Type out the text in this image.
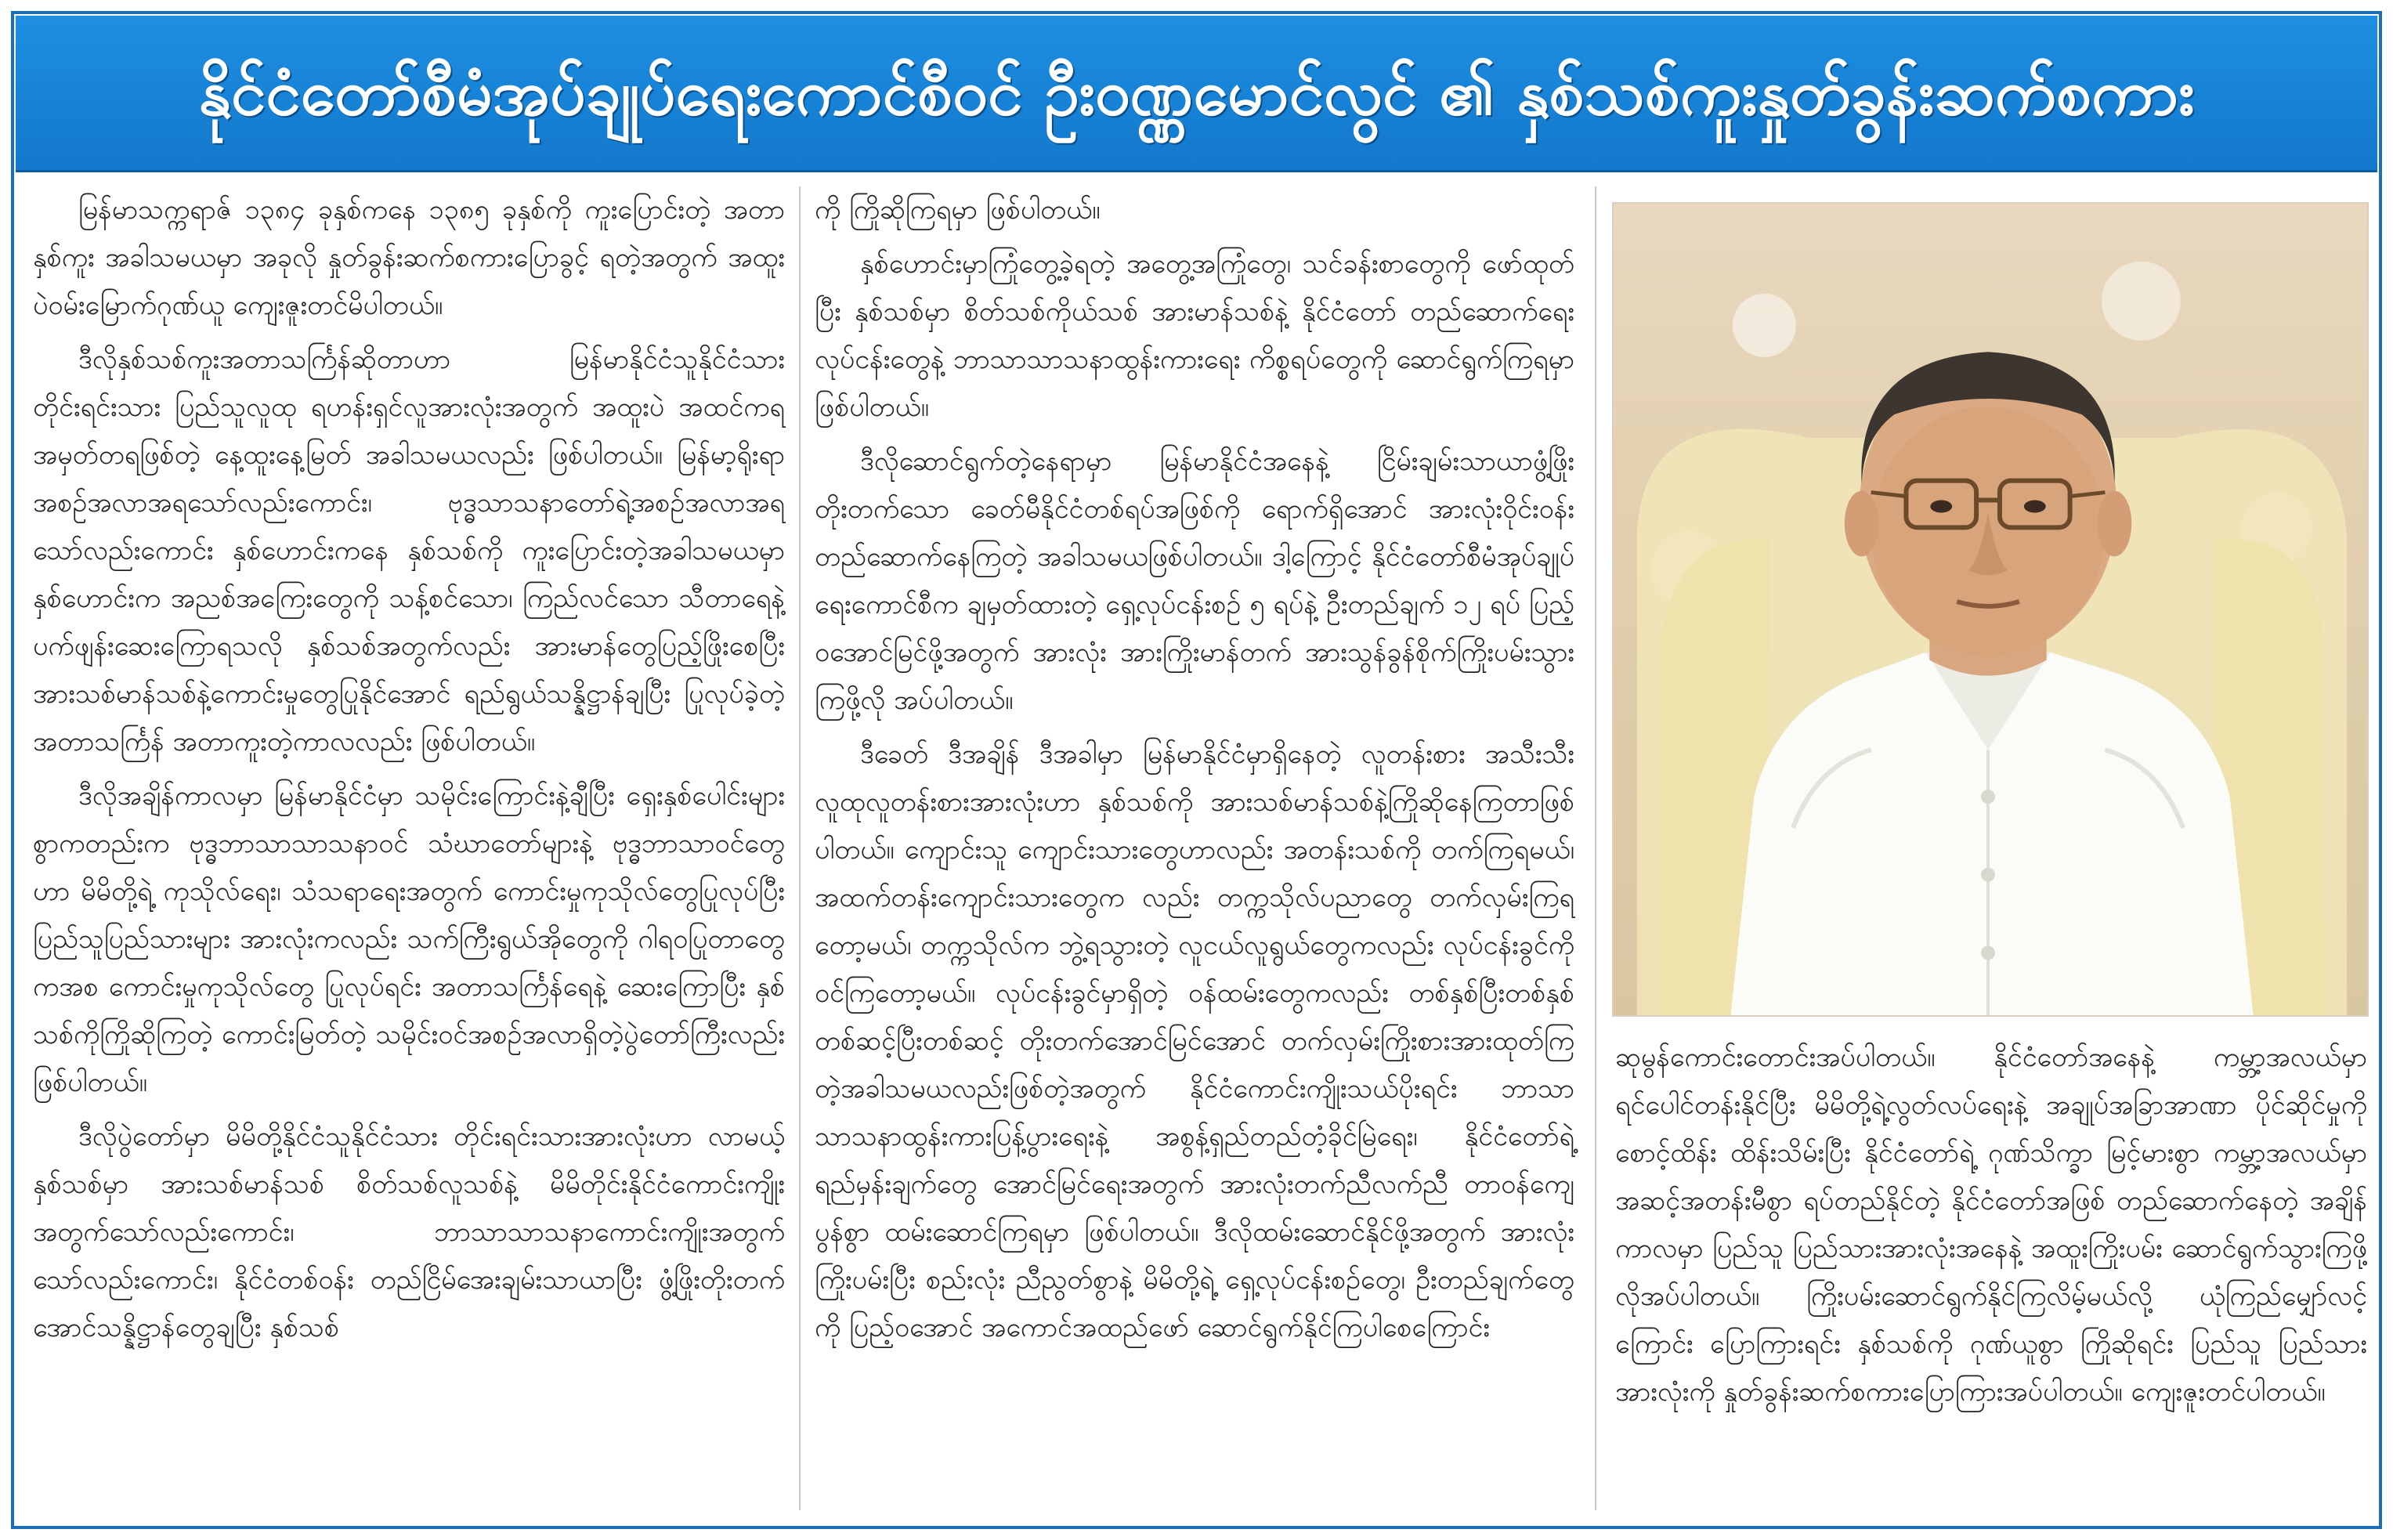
နိုင်ငံတော်စီမံအုပ်ချုပ်ရေးကောင်စီဝင် ဦးဝဏ္ဏမောင်လွင် ၏ နှစ်သစ်ကူးနှုတ်ခွန်းဆက်စကား

မြန်မာသက္ကရာဇ် ၁၃၈၄ ခုနှစ်ကနေ ၁၃၈၅ ခုနှစ်ကို ကူးပြောင်းတဲ့ အတာနှစ်ကူး အခါသမယမှာ အခုလို နှုတ်ခွန်းဆက်စကားပြောခွင့် ရတဲ့အတွက် အထူးပဲဝမ်းမြောက်ဂုဏ်ယူ ကျေးဇူးတင်မိပါတယ်။

ဒီလိုနှစ်သစ်ကူးအတာသင်္ကြန်ဆိုတာဟာ မြန်မာနိုင်ငံသူနိုင်ငံသား တိုင်းရင်းသား ပြည်သူလူထု ရဟန်းရှင်လူအားလုံးအတွက် အထူးပဲ အထင်ကရ အမှတ်တရဖြစ်တဲ့ နေ့ထူးနေ့မြတ် အခါသမယလည်း ဖြစ်ပါတယ်။ မြန်မာ့ရိုးရာအစဉ်အလာအရသော်လည်းကောင်း၊ ဗုဒ္ဓသာသနာတော်ရဲ့အစဉ်အလာအရသော်လည်းကောင်း နှစ်ဟောင်းကနေ နှစ်သစ်ကို ကူးပြောင်းတဲ့အခါသမယမှာ နှစ်ဟောင်းက အညစ်အကြေးတွေကို သန့်စင်သော၊ ကြည်လင်သော သီတာရေနဲ့ ပက်ဖျန်းဆေးကြောရသလို နှစ်သစ်အတွက်လည်း အားမာန်တွေပြည့်ဖြိုးစေပြီး အားသစ်မာန်သစ်နဲ့ကောင်းမှုတွေပြုနိုင်အောင် ရည်ရွယ်သန္နိဋ္ဌာန်ချပြီး ပြုလုပ်ခဲ့တဲ့ အတာသင်္ကြန် အတာကူးတဲ့ကာလလည်း ဖြစ်ပါတယ်။

ဒီလိုအချိန်ကာလမှာ မြန်မာနိုင်ငံမှာ သမိုင်းကြောင်းနဲ့ချီပြီး ရှေးနှစ်ပေါင်းများစွာကတည်းက ဗုဒ္ဓဘာသာသာသနာဝင် သံဃာတော်များနဲ့ ဗုဒ္ဓဘာသာဝင်တွေဟာ မိမိတို့ရဲ့ ကုသိုလ်ရေး၊ သံသရာရေးအတွက် ကောင်းမှုကုသိုလ်တွေပြုလုပ်ပြီး ပြည်သူပြည်သားများ အားလုံးကလည်း သက်ကြီးရွယ်အိုတွေကို ဂါရဝပြုတာတွေကအစ ကောင်းမှုကုသိုလ်တွေ ပြုလုပ်ရင်း အတာသင်္ကြန်ရေနဲ့ ဆေးကြောပြီး နှစ်သစ်ကိုကြိုဆိုကြတဲ့ ကောင်းမြတ်တဲ့ သမိုင်းဝင်အစဉ်အလာရှိတဲ့ပွဲတော်ကြီးလည်း ဖြစ်ပါတယ်။

ဒီလိုပွဲတော်မှာ မိမိတို့နိုင်ငံသူနိုင်ငံသား တိုင်းရင်းသားအားလုံးဟာ လာမယ့်နှစ်သစ်မှာ အားသစ်မာန်သစ် စိတ်သစ်လူသစ်နဲ့ မိမိတိုင်းနိုင်ငံကောင်းကျိုးအတွက်သော်လည်းကောင်း၊ ဘာသာသာသနာကောင်းကျိုးအတွက်သော်လည်းကောင်း၊ နိုင်ငံတစ်ဝန်း တည်ငြိမ်အေးချမ်းသာယာပြီး ဖွံ့ဖြိုးတိုးတက်အောင်သန္နိဋ္ဌာန်တွေချပြီး နှစ်သစ်

ကို ကြိုဆိုကြရမှာ ဖြစ်ပါတယ်။

နှစ်ဟောင်းမှာကြုံတွေ့ခဲ့ရတဲ့ အတွေ့အကြုံတွေ၊ သင်ခန်းစာတွေကို ဖော်ထုတ်ပြီး နှစ်သစ်မှာ စိတ်သစ်ကိုယ်သစ် အားမာန်သစ်နဲ့ နိုင်ငံတော် တည်ဆောက်ရေးလုပ်ငန်းတွေနဲ့ ဘာသာသာသနာထွန်းကားရေး ကိစ္စရပ်တွေကို ဆောင်ရွက်ကြရမှာဖြစ်ပါတယ်။

ဒီလိုဆောင်ရွက်တဲ့နေရာမှာ မြန်မာနိုင်ငံအနေနဲ့ ငြိမ်းချမ်းသာယာဖွံ့ဖြိုးတိုးတက်သော ခေတ်မီနိုင်ငံတစ်ရပ်အဖြစ်ကို ရောက်ရှိအောင် အားလုံးဝိုင်းဝန်းတည်ဆောက်နေကြတဲ့ အခါသမယဖြစ်ပါတယ်။ ဒါ့ကြောင့် နိုင်ငံတော်စီမံအုပ်ချုပ်ရေးကောင်စီက ချမှတ်ထားတဲ့ ရှေ့လုပ်ငန်းစဉ် ၅ ရပ်နဲ့ ဦးတည်ချက် ၁၂ ရပ် ပြည့်ဝအောင်မြင်ဖို့အတွက် အားလုံး အားကြိုးမာန်တက် အားသွန်ခွန်စိုက်ကြိုးပမ်းသွားကြဖို့လို အပ်ပါတယ်။

ဒီခေတ် ဒီအချိန် ဒီအခါမှာ မြန်မာနိုင်ငံမှာရှိနေတဲ့ လူတန်းစား အသီးသီး လူထုလူတန်းစားအားလုံးဟာ နှစ်သစ်ကို အားသစ်မာန်သစ်နဲ့ကြိုဆိုနေကြတာဖြစ်ပါတယ်။ ကျောင်းသူ ကျောင်းသားတွေဟာလည်း အတန်းသစ်ကို တက်ကြရမယ်၊ အထက်တန်းကျောင်းသားတွေက လည်း တက္ကသိုလ်ပညာတွေ တက်လှမ်းကြရတော့မယ်၊ တက္ကသိုလ်က ဘွဲ့ရသွားတဲ့ လူငယ်လူရွယ်တွေကလည်း လုပ်ငန်းခွင်ကို ဝင်ကြတော့မယ်။ လုပ်ငန်းခွင်မှာရှိတဲ့ ဝန်ထမ်းတွေကလည်း တစ်နှစ်ပြီးတစ်နှစ် တစ်ဆင့်ပြီးတစ်ဆင့် တိုးတက်အောင်မြင်အောင် တက်လှမ်းကြိုးစားအားထုတ်ကြတဲ့အခါသမယလည်းဖြစ်တဲ့အတွက် နိုင်ငံကောင်းကျိုးသယ်ပိုးရင်း ဘာသာသာသနာထွန်းကားပြန့်ပွားရေးနဲ့ အစွန့်ရှည်တည်တံ့ခိုင်မြဲရေး၊ နိုင်ငံတော်ရဲ့ ရည်မှန်းချက်တွေ အောင်မြင်ရေးအတွက် အားလုံးတက်ညီလက်ညီ တာဝန်ကျေပွန်စွာ ထမ်းဆောင်ကြရမှာ ဖြစ်ပါတယ်။ ဒီလိုထမ်းဆောင်နိုင်ဖို့အတွက် အားလုံးကြိုးပမ်းပြီး စည်းလုံး ညီညွတ်စွာနဲ့ မိမိတို့ရဲ့ ရှေ့လုပ်ငန်းစဉ်တွေ၊ ဦးတည်ချက်တွေကို ပြည့်ဝအောင် အကောင်အထည်ဖော် ဆောင်ရွက်နိုင်ကြပါစေကြောင်း

ဆုမွန်ကောင်းတောင်းအပ်ပါတယ်။ နိုင်ငံတော်အနေနဲ့ ကမ္ဘာ့အလယ်မှာ ရင်ပေါင်တန်းနိုင်ပြီး မိမိတို့ရဲ့လွတ်လပ်ရေးနဲ့ အချုပ်အခြာအာဏာ ပိုင်ဆိုင်မှုကို စောင့်ထိန်း ထိန်းသိမ်းပြီး နိုင်ငံတော်ရဲ့ ဂုဏ်သိက္ခာ မြင့်မားစွာ ကမ္ဘာ့အလယ်မှာ အဆင့်အတန်းမီစွာ ရပ်တည်နိုင်တဲ့ နိုင်ငံတော်အဖြစ် တည်ဆောက်နေတဲ့ အချိန်ကာလမှာ ပြည်သူ ပြည်သားအားလုံးအနေနဲ့ အထူးကြိုးပမ်း ဆောင်ရွက်သွားကြဖို့ လိုအပ်ပါတယ်။ ကြိုးပမ်းဆောင်ရွက်နိုင်ကြလိမ့်မယ်လို့ ယုံကြည်မျှော်လင့်ကြောင်း ပြောကြားရင်း နှစ်သစ်ကို ဂုဏ်ယူစွာ ကြိုဆိုရင်း ပြည်သူ ပြည်သားအားလုံးကို နှုတ်ခွန်းဆက်စကားပြောကြားအပ်ပါတယ်။ ကျေးဇူးတင်ပါတယ်။
